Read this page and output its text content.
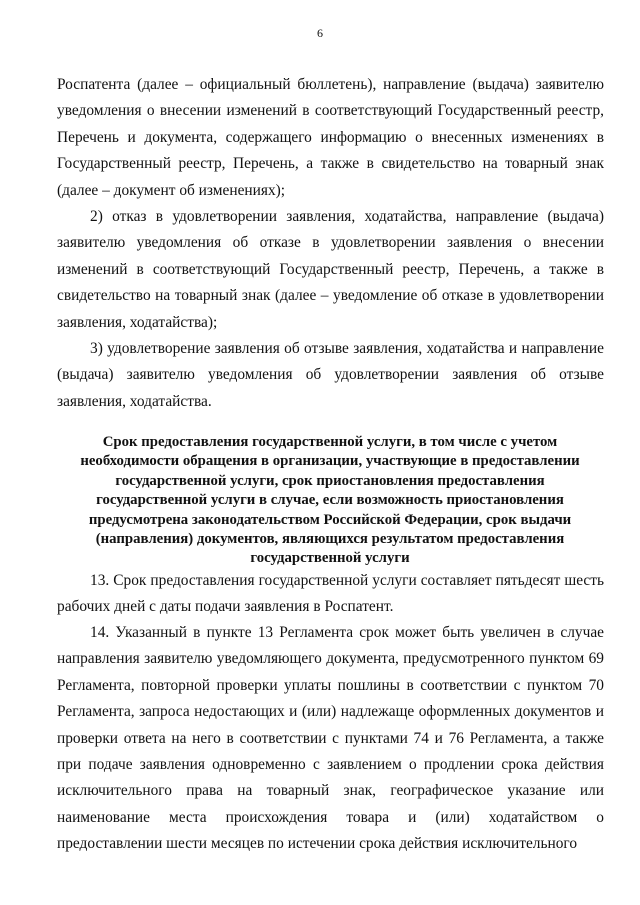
6

Роспатента (далее – официальный бюллетень), направление (выдача) заявителю уведомления о внесении изменений в соответствующий Государственный реестр, Перечень и документа, содержащего информацию о внесенных изменениях в Государственный реестр, Перечень, а также в свидетельство на товарный знак (далее – документ об изменениях);

2) отказ в удовлетворении заявления, ходатайства, направление (выдача) заявителю уведомления об отказе в удовлетворении заявления о внесении изменений в соответствующий Государственный реестр, Перечень, а также в свидетельство на товарный знак (далее – уведомление об отказе в удовлетворении заявления, ходатайства);

3) удовлетворение заявления об отзыве заявления, ходатайства и направление (выдача) заявителю уведомления об удовлетворении заявления об отзыве заявления, ходатайства.

Срок предоставления государственной услуги, в том числе с учетом
необходимости обращения в организации, участвующие в предоставлении
государственной услуги, срок приостановления предоставления
государственной услуги в случае, если возможность приостановления
предусмотрена законодательством Российской Федерации, срок выдачи
(направления) документов, являющихся результатом предоставления
государственной услуги

13. Срок предоставления государственной услуги составляет пятьдесят шесть рабочих дней с даты подачи заявления в Роспатент.

14. Указанный в пункте 13 Регламента срок может быть увеличен в случае направления заявителю уведомляющего документа, предусмотренного пунктом 69 Регламента, повторной проверки уплаты пошлины в соответствии с пунктом 70 Регламента, запроса недостающих и (или) надлежаще оформленных документов и проверки ответа на него в соответствии с пунктами 74 и 76 Регламента, а также при подаче заявления одновременно с заявлением о продлении срока действия исключительного права на товарный знак, географическое указание или наименование места происхождения товара и (или) ходатайством о предоставлении шести месяцев по истечении срока действия исключительного
